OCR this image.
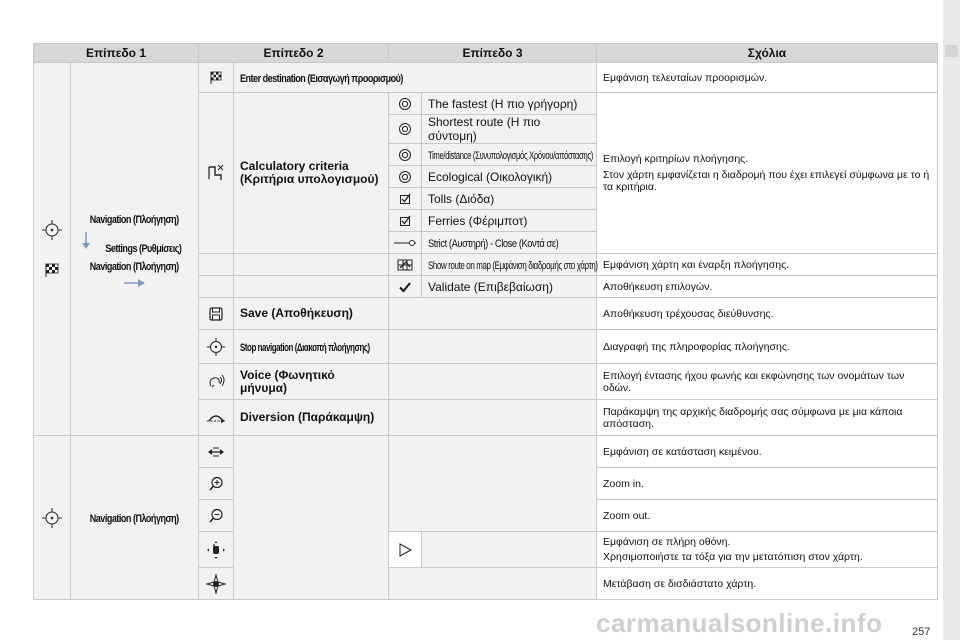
Επίπεδο 1		Επίπεδο 2		Επίπεδο 3		Σχόλια

	Navigation (Πλοήγηση)  Settings (Ρυθμίσεις) Navigation (Πλοήγηση)		Enter destination (Εισαγωγή προορισμού)			Εμφάνιση τελευταίων προορισμών.

	Calculatory criteria (Κριτήρια υπολογισμού)		The fastest (Η πιο γρήγορη)	Επιλογή κριτηρίων πλοήγησης.
Στον χάρτη εμφανίζεται η διαδρομή που έχει επιλεγεί σύμφωνα με το ή τα κριτήρια.

	Shortest route (Η πιο σύντομη)	

	Time/distance (Συνυπολογισμός Χρόνου/απόστασης)	

	Ecological (Οικολογική)	

	Tolls (Διόδα)	

	Ferries (Φέριμποτ)	

	Strict (Αυστηρή) - Close (Κοντά σε)	

	Show route on map (Εμφάνιση διαδρομής στο χάρτη)	Εμφάνιση χάρτη και έναρξη πλοήγησης.

	Validate (Επιβεβαίωση)	Αποθήκευση επιλογών.

	Save (Αποθήκευση)			Αποθήκευση τρέχουσας διεύθυνσης.

	Stop navigation (Διακοπή πλοήγησης)			Διαγραφή της πληροφορίας πλοήγησης.

	Voice (Φωνητικό μήνυμα)			Επιλογή έντασης ήχου φωνής και εκφώνησης των ονομάτων των οδών.

	Diversion (Παράκαμψη)			Παράκαμψη της αρχικής διαδρομής σας σύμφωνα με μια κάποια απόσταση.

	Navigation (Πλοήγηση)					Εμφάνιση σε κατάσταση κειμένου.

	Zoom in.

	Zoom out.

Εμφάνιση σε πλήρη οθόνη.
Χρησιμοποιήστε τα τόξα για την μετατόπιση στον χάρτη.

		Μετάβαση σε δισδιάστατο χάρτη.
carmanualsonline.info	257
